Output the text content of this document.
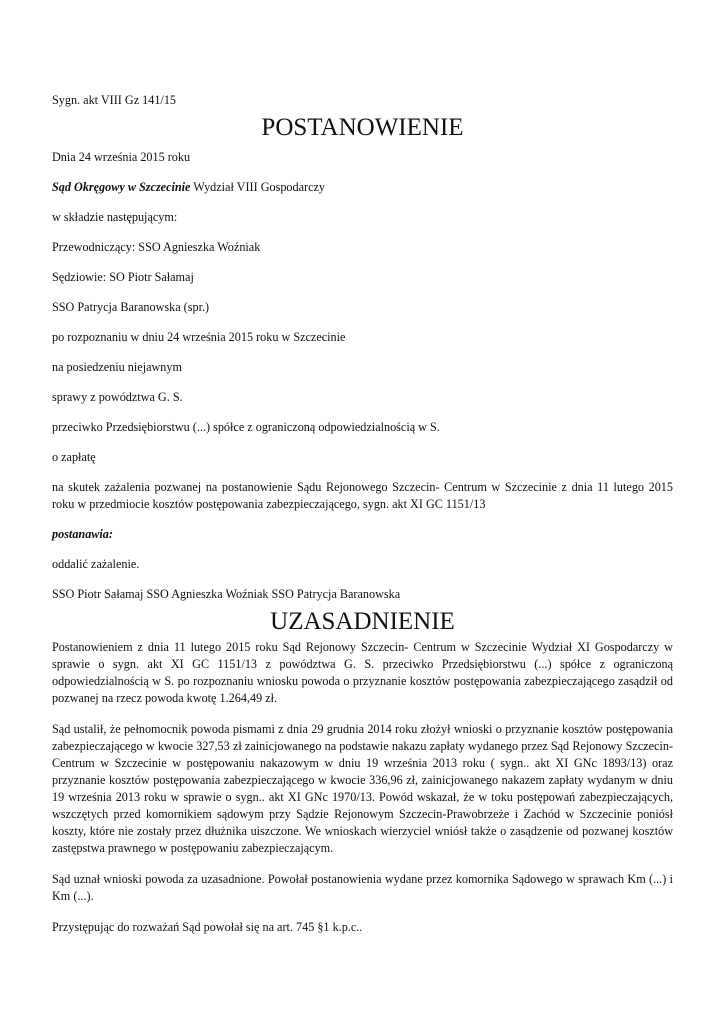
Sygn. akt VIII Gz 141/15

POSTANOWIENIE

Dnia 24 września 2015 roku

Sąd Okręgowy w Szczecinie Wydział VIII Gospodarczy

w składzie następującym:

Przewodniczący: SSO Agnieszka Woźniak

Sędziowie: SO Piotr Sałamaj

SSO Patrycja Baranowska (spr.)

po rozpoznaniu w dniu 24 września 2015 roku w Szczecinie

na posiedzeniu niejawnym

sprawy z powództwa G. S.

przeciwko Przedsiębiorstwu (...) spółce z ograniczoną odpowiedzialnością w S.

o zapłatę

na skutek zażalenia pozwanej na postanowienie Sądu Rejonowego Szczecin- Centrum w Szczecinie z dnia 11 lutego 2015 roku w przedmiocie kosztów postępowania zabezpieczającego, sygn. akt XI GC 1151/13

postanawia:

oddalić zażalenie.

SSO Piotr Sałamaj SSO Agnieszka Woźniak SSO Patrycja Baranowska

UZASADNIENIE

Postanowieniem z dnia 11 lutego 2015 roku Sąd Rejonowy Szczecin- Centrum w Szczecinie Wydział XI Gospodarczy w sprawie o sygn. akt XI GC 1151/13 z powództwa G. S. przeciwko Przedsiębiorstwu (...) spółce z ograniczoną odpowiedzialnością w S. po rozpoznaniu wniosku powoda o przyznanie kosztów postępowania zabezpieczającego zasądził od pozwanej na rzecz powoda kwotę 1.264,49 zł.

Sąd ustalił, że pełnomocnik powoda pismami z dnia 29 grudnia 2014 roku złożył wnioski o przyznanie kosztów postępowania zabezpieczającego w kwocie 327,53 zł zainicjowanego na podstawie nakazu zapłaty wydanego przez Sąd Rejonowy Szczecin- Centrum w Szczecinie w postępowaniu nakazowym w dniu 19 września 2013 roku ( sygn.. akt XI GNc 1893/13) oraz przyznanie kosztów postępowania zabezpieczającego w kwocie 336,96 zł, zainicjowanego nakazem zapłaty wydanym w dniu 19 września 2013 roku w sprawie o sygn.. akt XI GNc 1970/13. Powód wskazał, że w toku postępowań zabezpieczających, wszczętych przed komornikiem sądowym przy Sądzie Rejonowym Szczecin-Prawobrzeże i Zachód w Szczecinie poniósł koszty, które nie zostały przez dłużnika uiszczone. We wnioskach wierzyciel wniósł także o zasądzenie od pozwanej kosztów zastępstwa prawnego w postępowaniu zabezpieczającym.

Sąd uznał wnioski powoda za uzasadnione. Powołał postanowienia wydane przez komornika Sądowego w sprawach Km (...) i Km (...).

Przystępując do rozważań Sąd powołał się na art. 745 §1 k.p.c..
